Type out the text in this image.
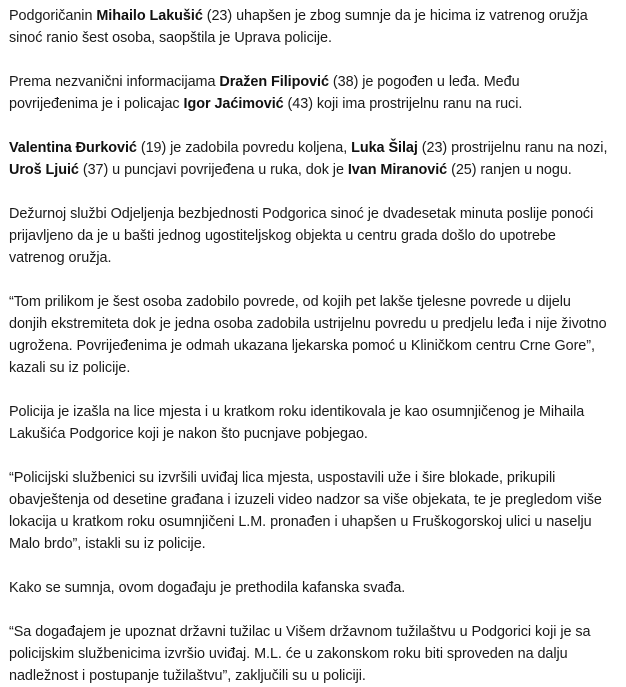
Podgoričanin Mihailo Lakušić (23) uhapšen je zbog sumnje da je hicima iz vatrenog oružja sinoć ranio šest osoba, saopštila je Uprava policije.

Prema nezvanični informacijama Dražen Filipović (38) je pogođen u leđa. Među povrijeđenima je i policajac Igor Jaćimović (43) koji ima prostrijelnu ranu na ruci.

Valentina Đurković (19) je zadobila povredu koljena, Luka Šilaj (23) prostrijelnu ranu na nozi, Uroš Ljuić (37) u puncjavi povrijeđena u ruka, dok je Ivan Miranović (25) ranjen u nogu.

Dežurnoj službi Odjeljenja bezbjednosti Podgorica sinoć je dvadesetak minuta poslije ponoći prijavljeno da je u bašti jednog ugostiteljskog objekta u centru grada došlo do upotrebe vatrenog oružja.

“Tom prilikom je šest osoba zadobilo povrede, od kojih pet lakše tjelesne povrede u dijelu donjih ekstremiteta dok je jedna osoba zadobila ustrijelnu povredu u predjelu leđa i nije životno ugrožena. Povrijeđenima je odmah ukazana ljekarska pomoć u Kliničkom centru Crne Gore”, kazali su iz policije.

Policija je izašla na lice mjesta i u kratkom roku identikovala je kao osumnjičenog je Mihaila Lakušića Podgorice koji je nakon što pucnjave pobjegao.

“Policijski službenici su izvršili uviđaj lica mjesta, uspostavili uže i šire blokade, prikupili obavještenja od desetine građana i izuzeli video nadzor sa više objekata, te je pregledom više lokacija u kratkom roku osumnjičeni L.M. pronađen i uhapšen u Fruškogorskoj ulici u naselju Malo brdo”, istakli su iz policije.

Kako se sumnja, ovom događaju je prethodila kafanska svađa.

“Sa događajem je upoznat državni tužilac u Višem državnom tužilaštvu u Podgorici koji je sa policijskim službenicima izvršio uviđaj. M.L. će u zakonskom roku biti sproveden na dalju nadležnost i postupanje tužilaštvu”, zaključili su u policiji.
